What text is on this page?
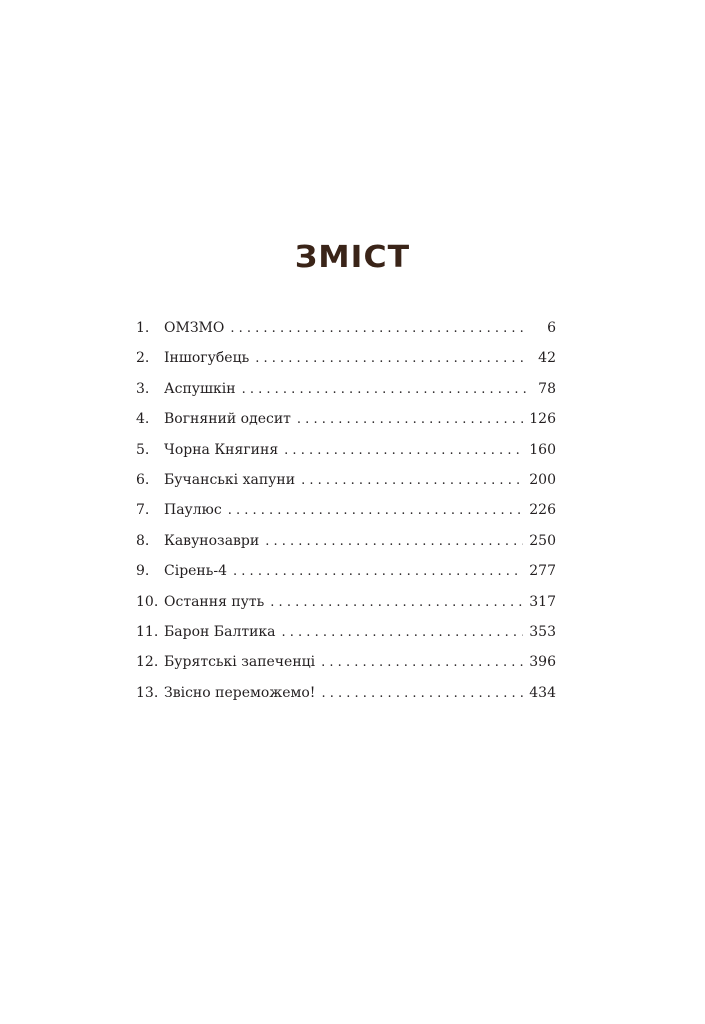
ЗМІСТ
1.	ОМЗМО . . .	6
2.	Іншогубець . . .	42
3.	Аспушкін . . .	78
4.	Вогняний одесит . . .	126
5.	Чорна Княгиня . . .	160
6.	Бучанські хапуни . . .	200
7.	Паулюс . . .	226
8.	Кавунозаври . . .	250
9.	Сірень-4 . . .	277
10. Остання путь . . .	317
11. Барон Балтика . . .	353
12. Бурятські запеченці . . .	396
13. Звісно переможемо! . . .	434
